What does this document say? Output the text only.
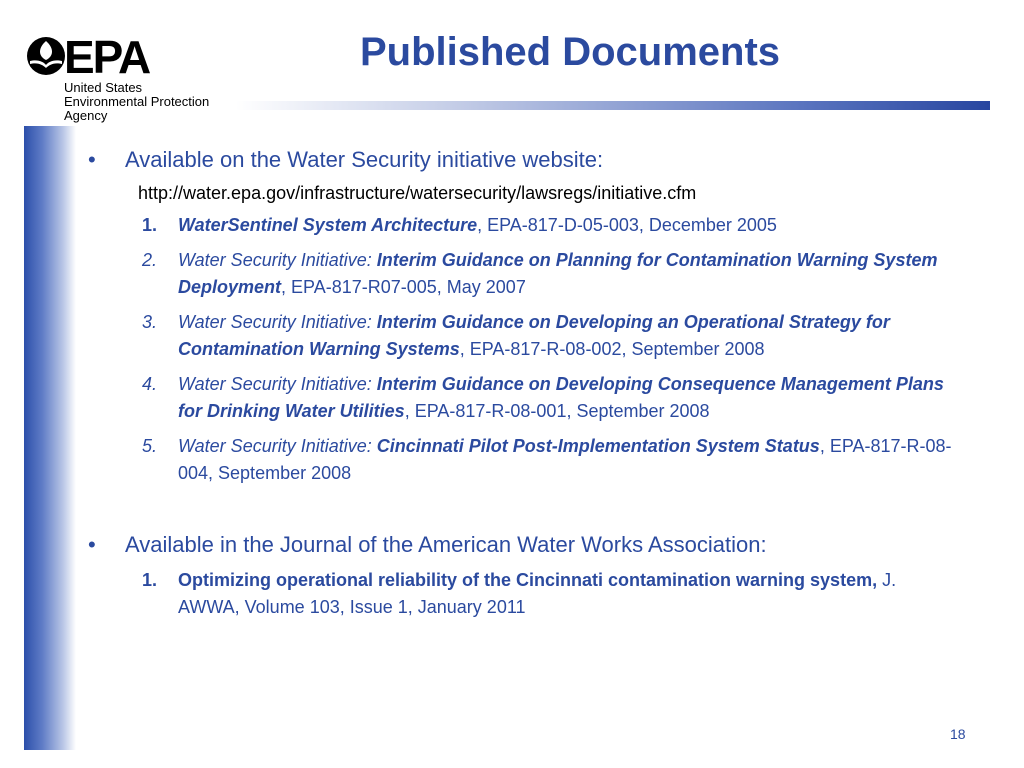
EPA
United States
Environmental Protection
Agency
Published Documents
• Available on the Water Security initiative website:
http://water.epa.gov/infrastructure/watersecurity/lawsregs/initiative.cfm
1. WaterSentinel System Architecture, EPA-817-D-05-003, December 2005
2. Water Security Initiative: Interim Guidance on Planning for Contamination Warning System Deployment, EPA-817-R07-005, May 2007
3. Water Security Initiative: Interim Guidance on Developing an Operational Strategy for Contamination Warning Systems, EPA-817-R-08-002, September 2008
4. Water Security Initiative: Interim Guidance on Developing Consequence Management Plans for Drinking Water Utilities, EPA-817-R-08-001, September 2008
5. Water Security Initiative: Cincinnati Pilot Post-Implementation System Status, EPA-817-R-08-004, September 2008
• Available in the Journal of the American Water Works Association:
1. Optimizing operational reliability of the Cincinnati contamination warning system, J. AWWA, Volume 103, Issue 1, January 2011
18
